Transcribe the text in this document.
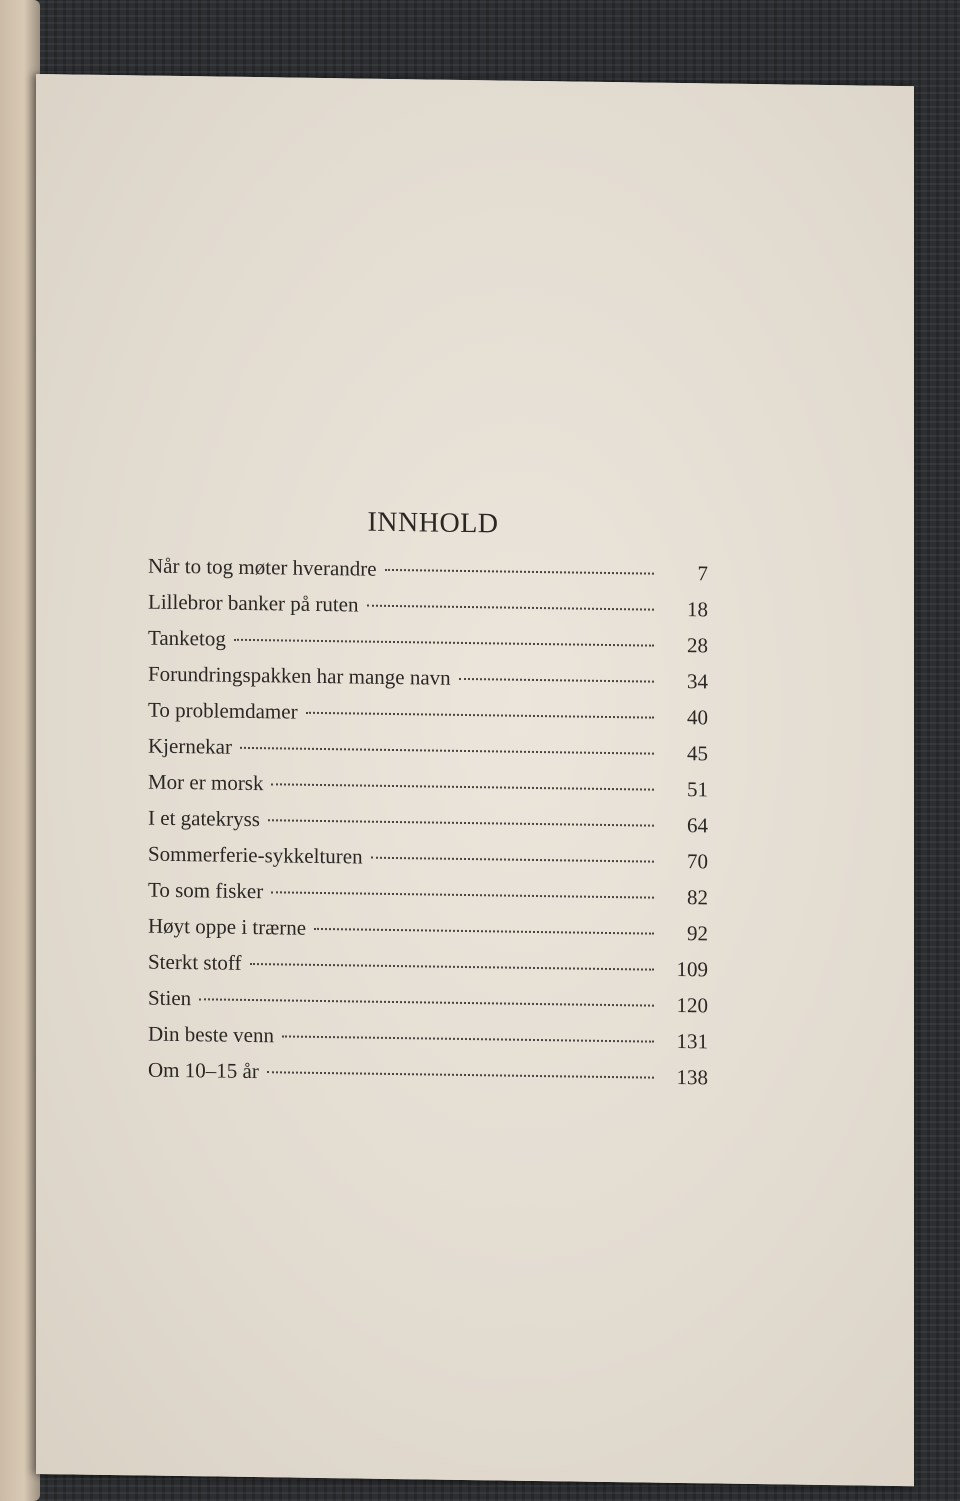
INNHOLD
Når to tog møter hverandre	7
Lillebror banker på ruten	18
Tanketog	28
Forundringspakken har mange navn	34
To problemdamer	40
Kjernekar	45
Mor er morsk	51
I et gatekryss	64
Sommerferie-sykkelturen	70
To som fisker	82
Høyt oppe i trærne	92
Sterkt stoff	109
Stien	120
Din beste venn	131
Om 10–15 år	138
